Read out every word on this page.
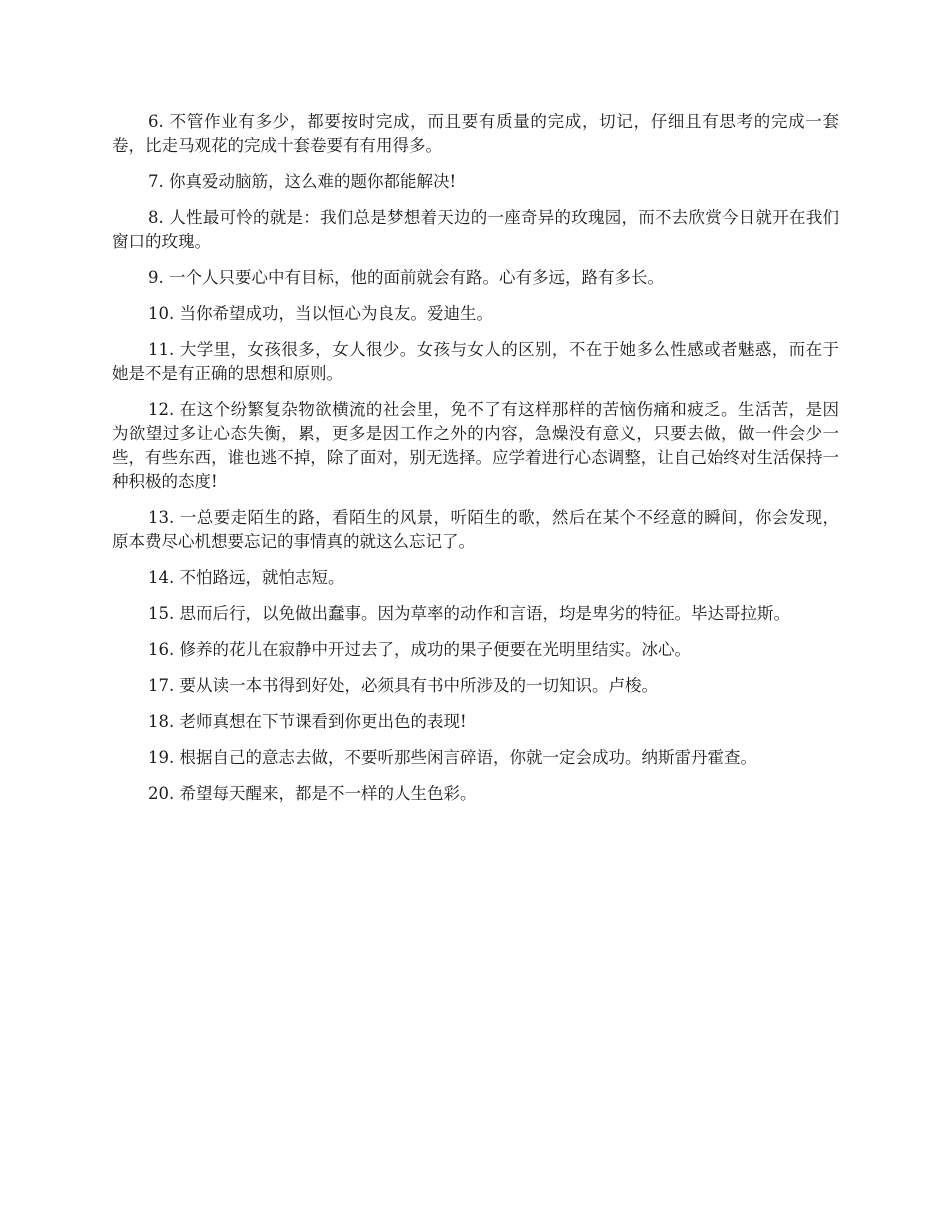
6. 不管作业有多少，都要按时完成，而且要有质量的完成，切记，仔细且有思考的完成一套卷，比走马观花的完成十套卷要有有用得多。

7. 你真爱动脑筋，这么难的题你都能解决!

8. 人性最可怜的就是：我们总是梦想着天边的一座奇异的玫瑰园，而不去欣赏今日就开在我们窗口的玫瑰。

9. 一个人只要心中有目标，他的面前就会有路。心有多远，路有多长。

10. 当你希望成功，当以恒心为良友。爱迪生。

11. 大学里，女孩很多，女人很少。女孩与女人的区别，不在于她多么性感或者魅惑，而在于她是不是有正确的思想和原则。

12. 在这个纷繁复杂物欲横流的社会里，免不了有这样那样的苦恼伤痛和疲乏。生活苦，是因为欲望过多让心态失衡，累，更多是因工作之外的内容，急燥没有意义，只要去做，做一件会少一些，有些东西，谁也逃不掉，除了面对，别无选择。应学着进行心态调整，让自己始终对生活保持一种积极的态度!

13. 一总要走陌生的路，看陌生的风景，听陌生的歌，然后在某个不经意的瞬间，你会发现，原本费尽心机想要忘记的事情真的就这么忘记了。

14. 不怕路远，就怕志短。

15. 思而后行，以免做出蠢事。因为草率的动作和言语，均是卑劣的特征。毕达哥拉斯。

16. 修养的花儿在寂静中开过去了，成功的果子便要在光明里结实。冰心。

17. 要从读一本书得到好处，必须具有书中所涉及的一切知识。卢梭。

18. 老师真想在下节课看到你更出色的表现!

19. 根据自己的意志去做，不要听那些闲言碎语，你就一定会成功。纳斯雷丹霍查。

20. 希望每天醒来，都是不一样的人生色彩。
